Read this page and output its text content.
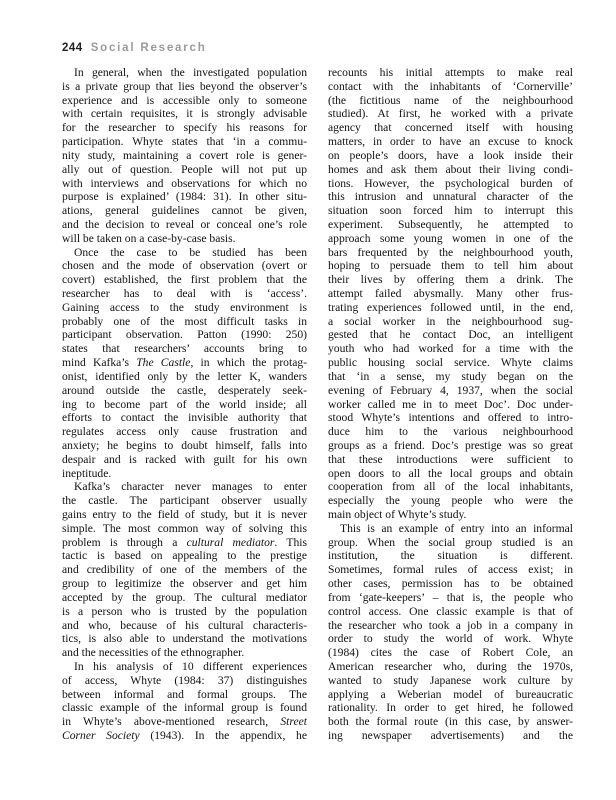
244 Social Research
In general, when the investigated population
is a private group that lies beyond the observer’s
experience and is accessible only to someone
with certain requisites, it is strongly advisable
for the researcher to specify his reasons for
participation. Whyte states that ‘in a commu-
nity study, maintaining a covert role is gener-
ally out of question. People will not put up
with interviews and observations for which no
purpose is explained’ (1984: 31). In other situ-
ations, general guidelines cannot be given,
and the decision to reveal or conceal one’s role
will be taken on a case-by-case basis.
Once the case to be studied has been
chosen and the mode of observation (overt or
covert) established, the first problem that the
researcher has to deal with is ‘access’.
Gaining access to the study environment is
probably one of the most difficult tasks in
participant observation. Patton (1990: 250)
states that researchers’ accounts bring to
mind Kafka’s The Castle, in which the protag-
onist, identified only by the letter K, wanders
around outside the castle, desperately seek-
ing to become part of the world inside; all
efforts to contact the invisible authority that
regulates access only cause frustration and
anxiety; he begins to doubt himself, falls into
despair and is racked with guilt for his own
ineptitude.
Kafka’s character never manages to enter
the castle. The participant observer usually
gains entry to the field of study, but it is never
simple. The most common way of solving this
problem is through a cultural mediator. This
tactic is based on appealing to the prestige
and credibility of one of the members of the
group to legitimize the observer and get him
accepted by the group. The cultural mediator
is a person who is trusted by the population
and who, because of his cultural characteris-
tics, is also able to understand the motivations
and the necessities of the ethnographer.
In his analysis of 10 different experiences
of access, Whyte (1984: 37) distinguishes
between informal and formal groups. The
classic example of the informal group is found
in Whyte’s above-mentioned research, Street
Corner Society (1943). In the appendix, he
recounts his initial attempts to make real
contact with the inhabitants of ‘Cornerville’
(the fictitious name of the neighbourhood
studied). At first, he worked with a private
agency that concerned itself with housing
matters, in order to have an excuse to knock
on people’s doors, have a look inside their
homes and ask them about their living condi-
tions. However, the psychological burden of
this intrusion and unnatural character of the
situation soon forced him to interrupt this
experiment. Subsequently, he attempted to
approach some young women in one of the
bars frequented by the neighbourhood youth,
hoping to persuade them to tell him about
their lives by offering them a drink. The
attempt failed abysmally. Many other frus-
trating experiences followed until, in the end,
a social worker in the neighbourhood sug-
gested that he contact Doc, an intelligent
youth who had worked for a time with the
public housing social service. Whyte claims
that ‘in a sense, my study began on the
evening of February 4, 1937, when the social
worker called me in to meet Doc’. Doc under-
stood Whyte’s intentions and offered to intro-
duce him to the various neighbourhood
groups as a friend. Doc’s prestige was so great
that these introductions were sufficient to
open doors to all the local groups and obtain
cooperation from all of the local inhabitants,
especially the young people who were the
main object of Whyte’s study.
This is an example of entry into an informal
group. When the social group studied is an
institution, the situation is different.
Sometimes, formal rules of access exist; in
other cases, permission has to be obtained
from ‘gate-keepers’ – that is, the people who
control access. One classic example is that of
the researcher who took a job in a company in
order to study the world of work. Whyte
(1984) cites the case of Robert Cole, an
American researcher who, during the 1970s,
wanted to study Japanese work culture by
applying a Weberian model of bureaucratic
rationality. In order to get hired, he followed
both the formal route (in this case, by answer-
ing newspaper advertisements) and the
